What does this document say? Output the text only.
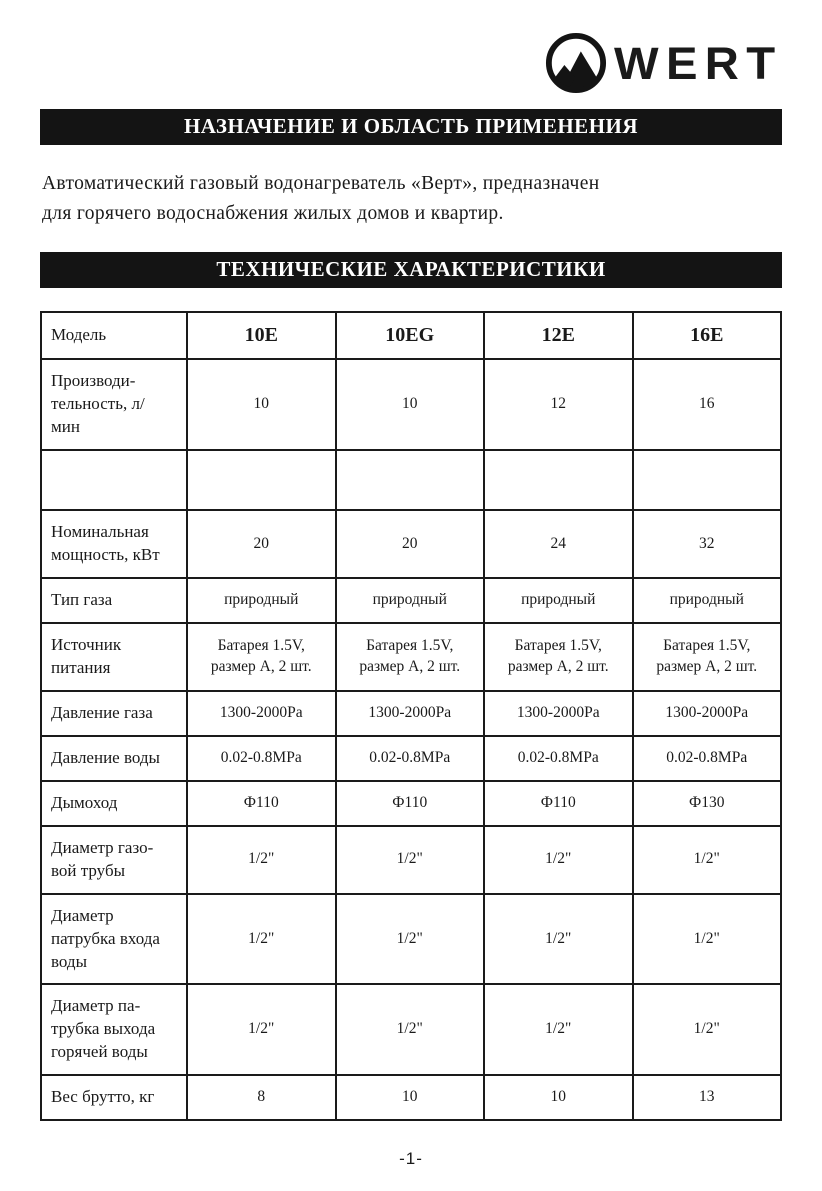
WERT
НАЗНАЧЕНИЕ И ОБЛАСТЬ ПРИМЕНЕНИЯ

Автоматический газовый водонагреватель «Верт», предназначен
для горячего водоснабжения жилых домов и квартир.

ТЕХНИЧЕСКИЕ ХАРАКТЕРИСТИКИ
Модель	10E	10EG	12E	16E
Производи-тельность, л/ мин	10	10	12	16

Номинальная мощность, кВт	20	20	24	32
Тип газа	природный	природный	природный	природный
Источник питания	Батарея 1.5V, размер А, 2 шт.	Батарея 1.5V, размер А, 2 шт.	Батарея 1.5V, размер А, 2 шт.	Батарея 1.5V, размер А, 2 шт.
Давление газа	1300-2000Pa	1300-2000Pa	1300-2000Pa	1300-2000Pa
Давление воды	0.02-0.8MPa	0.02-0.8MPa	0.02-0.8MPa	0.02-0.8MPa
Дымоход	Ф110	Ф110	Ф110	Ф130
Диаметр газо-вой трубы	1/2"	1/2"	1/2"	1/2"
Диаметр патрубка входа воды	1/2"	1/2"	1/2"	1/2"
Диаметр па-трубка выхода горячей воды	1/2"	1/2"	1/2"	1/2"
Вес брутто, кг	8	10	10	13
-1-
